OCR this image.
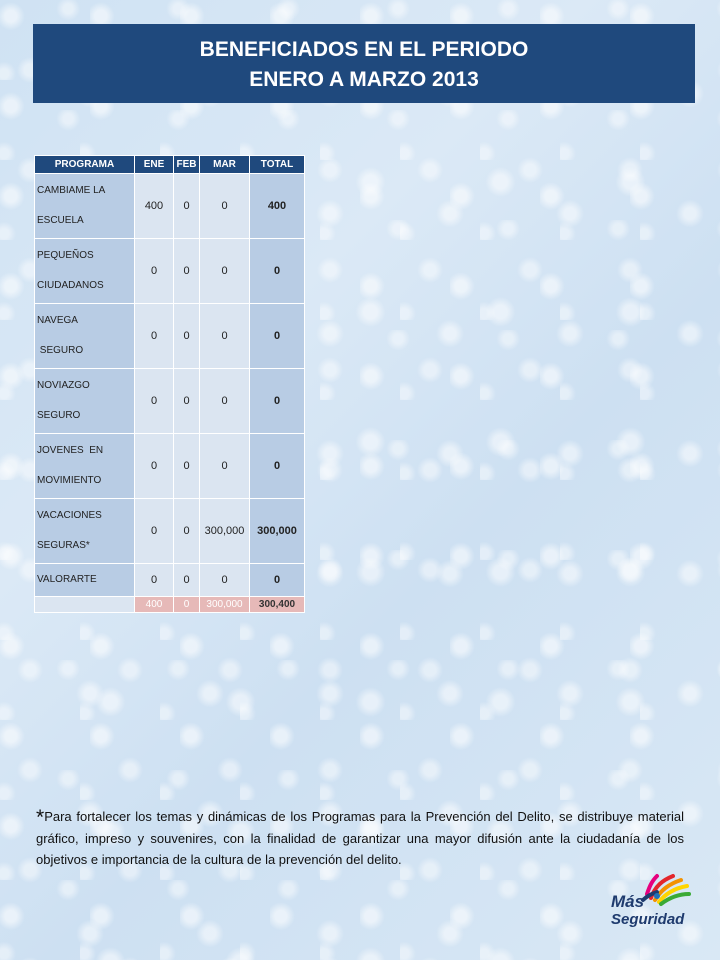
BENEFICIADOS EN EL PERIODO
ENERO A MARZO 2013
PROGRAMA	ENE	FEB	MAR	TOTAL

CAMBIAME LA
ESCUELA	400	0	0	400

PEQUEÑOS
CIUDADANOS	0	0	0	0

NAVEGA
SEGURO	0	0	0	0

NOVIAZGO
SEGURO	0	0	0	0

JOVENES  EN
MOVIMIENTO	0	0	0	0

VACACIONES
SEGURAS*	0	0	300,000	300,000
VALORARTE	0	0	0	0
	400	0	300,000	300,400
*Para fortalecer los temas y dinámicas de los Programas para la Prevención del Delito, se distribuye material gráfico, impreso y souvenires, con la finalidad de garantizar una mayor difusión ante la ciudadanía de los objetivos e importancia de la cultura de la prevención del delito.
Más
Seguridad
